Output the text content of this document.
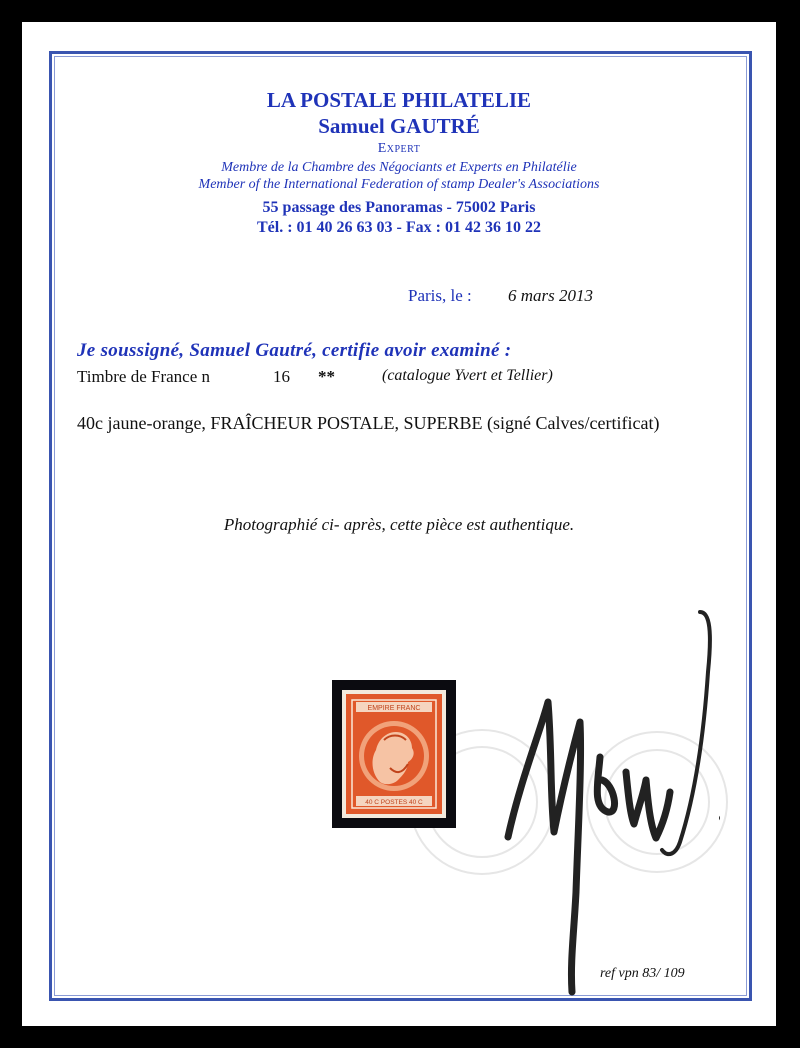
LA POSTALE PHILATELIE
Samuel GAUTRÉ
Expert
Membre de la Chambre des Négociants et Experts en Philatélie
Member of the International Federation of stamp Dealer's Associations
55 passage des Panoramas - 75002 Paris
Tél. : 01 40 26 63 03 - Fax : 01 42 36 10 22
Paris, le : 6 mars 2013
Je soussigné, Samuel Gautré, certifie avoir examiné :
Timbre de France n	16 **	(catalogue Yvert et Tellier)
40c jaune-orange, FRAÎCHEUR POSTALE, SUPERBE (signé Calves/certificat)
Photographié ci- après, cette pièce est authentique.
EMPIRE FRANC
40 C POSTES 40 C
ref vpn 83/ 109
